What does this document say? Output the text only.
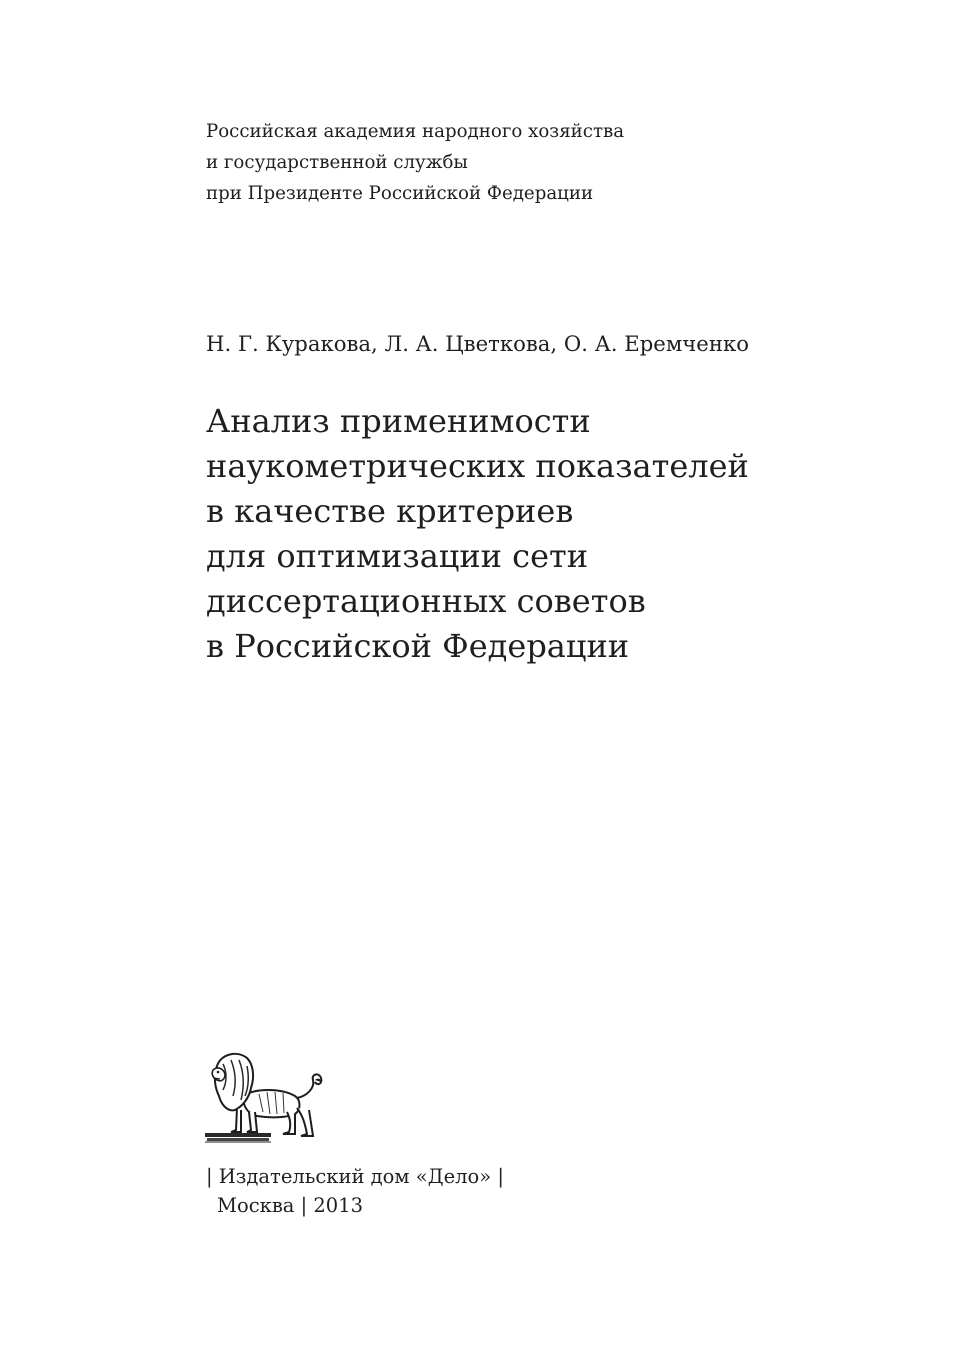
Российская академия народного хозяйства
и государственной службы
при Президенте Российской Федерации
Н. Г. Куракова, Л. А. Цветкова, О. А. Еремченко
Анализ применимости
наукометрических показателей
в качестве критериев
для оптимизации сети
диссертационных советов
в Российской Федерации
| Издательский дом «Дело» |
Москва | 2013
